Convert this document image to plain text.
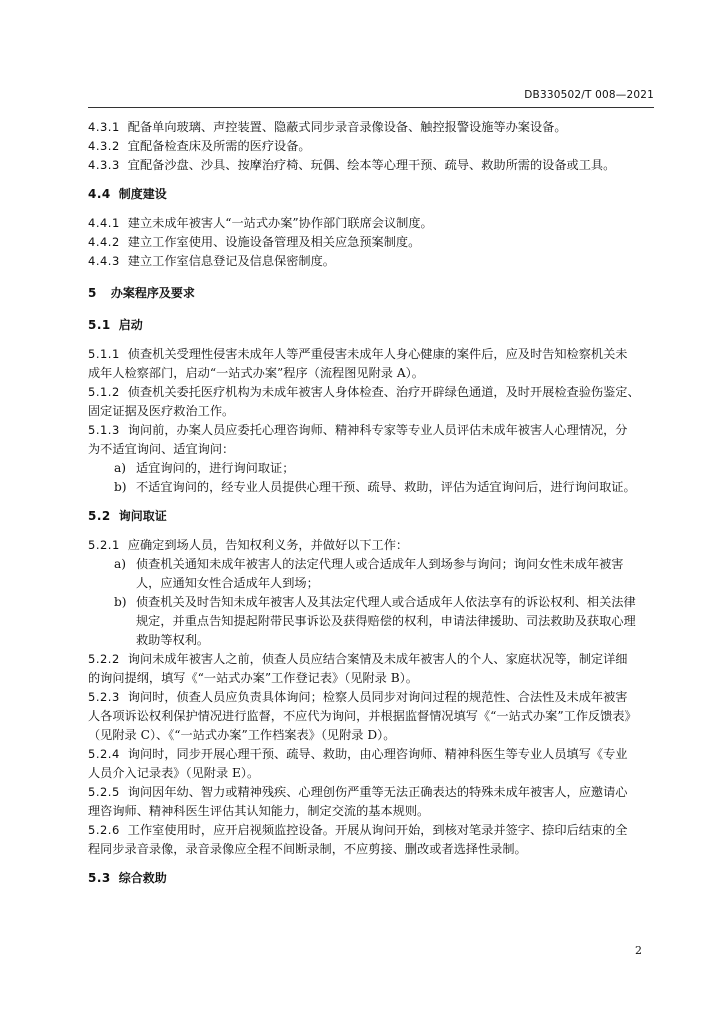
DB330502/T 008—2021

4.3.1 配备单向玻璃、声控装置、隐蔽式同步录音录像设备、触控报警设施等办案设备。

4.3.2 宜配备检查床及所需的医疗设备。

4.3.3 宜配备沙盘、沙具、按摩治疗椅、玩偶、绘本等心理干预、疏导、救助所需的设备或工具。

4.4 制度建设

4.4.1 建立未成年被害人“一站式办案”协作部门联席会议制度。

4.4.2 建立工作室使用、设施设备管理及相关应急预案制度。

4.4.3 建立工作室信息登记及信息保密制度。

5 办案程序及要求

5.1 启动

5.1.1 侦查机关受理性侵害未成年人等严重侵害未成年人身心健康的案件后，应及时告知检察机关未
成年人检察部门，启动“一站式办案”程序（流程图见附录 A）。

5.1.2 侦查机关委托医疗机构为未成年被害人身体检查、治疗开辟绿色通道，及时开展检查验伤鉴定、
固定证据及医疗救治工作。

5.1.3 询问前，办案人员应委托心理咨询师、精神科专家等专业人员评估未成年被害人心理情况，分
为不适宜询问、适宜询问：

a) 适宜询问的，进行询问取证；

b) 不适宜询问的，经专业人员提供心理干预、疏导、救助，评估为适宜询问后，进行询问取证。

5.2 询问取证

5.2.1 应确定到场人员，告知权利义务，并做好以下工作：

a) 侦查机关通知未成年被害人的法定代理人或合适成年人到场参与询问；询问女性未成年被害
人，应通知女性合适成年人到场；

b) 侦查机关及时告知未成年被害人及其法定代理人或合适成年人依法享有的诉讼权利、相关法律
规定，并重点告知提起附带民事诉讼及获得赔偿的权利，申请法律援助、司法救助及获取心理
救助等权利。

5.2.2 询问未成年被害人之前，侦查人员应结合案情及未成年被害人的个人、家庭状况等，制定详细
的询问提纲，填写《“一站式办案”工作登记表》（见附录 B）。

5.2.3 询问时，侦查人员应负责具体询问；检察人员同步对询问过程的规范性、合法性及未成年被害
人各项诉讼权利保护情况进行监督，不应代为询问，并根据监督情况填写《“一站式办案”工作反馈表》
（见附录 C）、《“一站式办案”工作档案表》（见附录 D）。

5.2.4 询问时，同步开展心理干预、疏导、救助，由心理咨询师、精神科医生等专业人员填写《专业
人员介入记录表》（见附录 E）。

5.2.5 询问因年幼、智力或精神残疾、心理创伤严重等无法正确表达的特殊未成年被害人，应邀请心
理咨询师、精神科医生评估其认知能力，制定交流的基本规则。

5.2.6 工作室使用时，应开启视频监控设备。开展从询问开始，到核对笔录并签字、捺印后结束的全
程同步录音录像，录音录像应全程不间断录制，不应剪接、删改或者选择性录制。

5.3 综合救助

2
